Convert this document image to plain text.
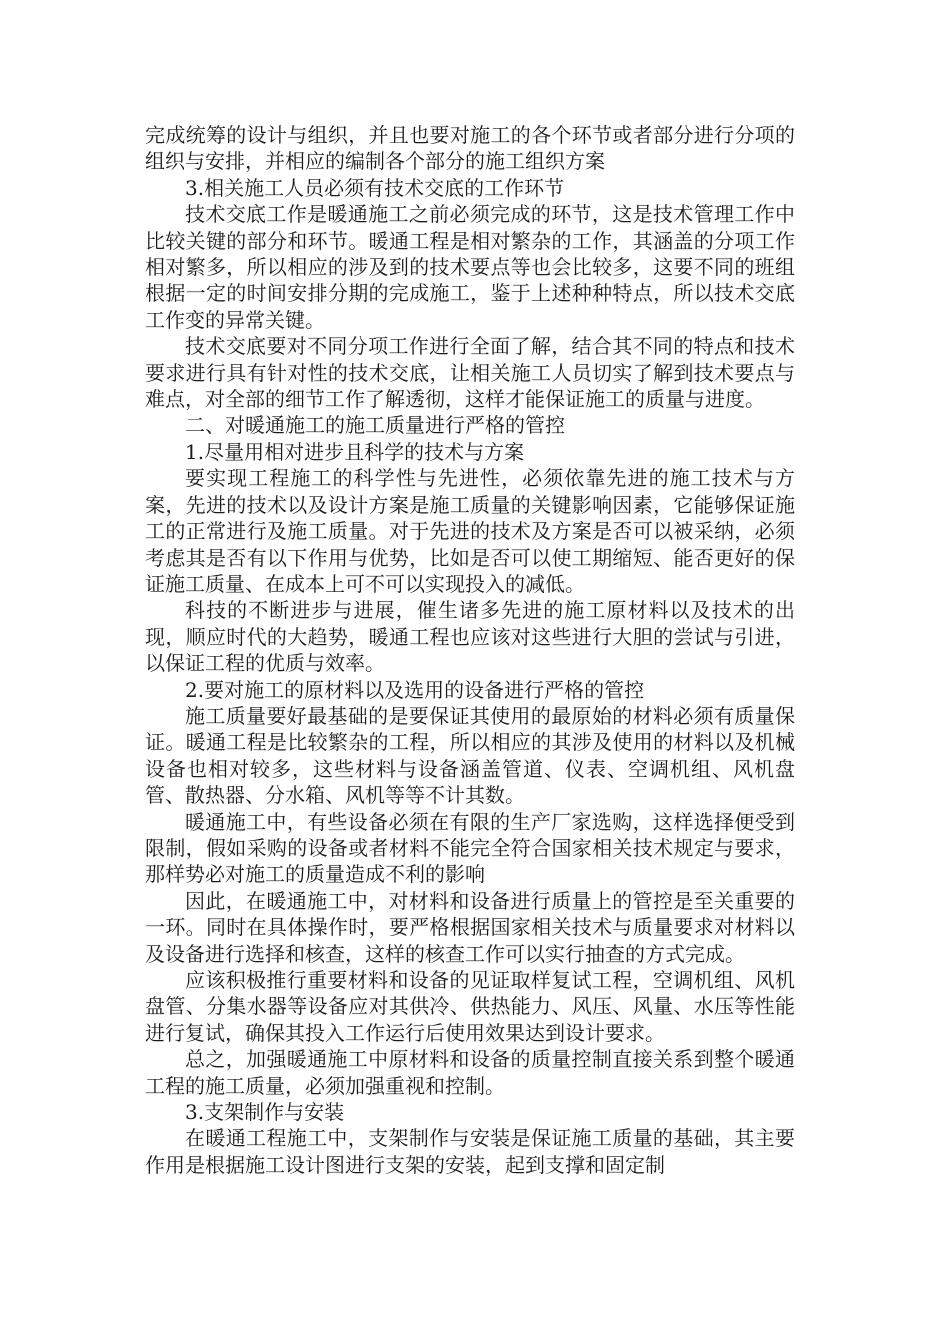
完成统筹的设计与组织，并且也要对施工的各个环节或者部分进行分项的组织与安排，并相应的编制各个部分的施工组织方案

3.相关施工人员必须有技术交底的工作环节

技术交底工作是暖通施工之前必须完成的环节，这是技术管理工作中比较关键的部分和环节。暖通工程是相对繁杂的工作，其涵盖的分项工作相对繁多，所以相应的涉及到的技术要点等也会比较多，这要不同的班组根据一定的时间安排分期的完成施工，鉴于上述种种特点，所以技术交底工作变的异常关键。

技术交底要对不同分项工作进行全面了解，结合其不同的特点和技术要求进行具有针对性的技术交底，让相关施工人员切实了解到技术要点与难点，对全部的细节工作了解透彻，这样才能保证施工的质量与进度。

二、对暖通施工的施工质量进行严格的管控

1.尽量用相对进步且科学的技术与方案

要实现工程施工的科学性与先进性，必须依靠先进的施工技术与方案，先进的技术以及设计方案是施工质量的关键影响因素，它能够保证施工的正常进行及施工质量。对于先进的技术及方案是否可以被采纳，必须考虑其是否有以下作用与优势，比如是否可以使工期缩短、能否更好的保证施工质量、在成本上可不可以实现投入的减低。

科技的不断进步与进展，催生诸多先进的施工原材料以及技术的出现，顺应时代的大趋势，暖通工程也应该对这些进行大胆的尝试与引进，以保证工程的优质与效率。

2.要对施工的原材料以及选用的设备进行严格的管控

施工质量要好最基础的是要保证其使用的最原始的材料必须有质量保证。暖通工程是比较繁杂的工程，所以相应的其涉及使用的材料以及机械设备也相对较多，这些材料与设备涵盖管道、仪表、空调机组、风机盘管、散热器、分水箱、风机等等不计其数。

暖通施工中，有些设备必须在有限的生产厂家选购，这样选择便受到限制，假如采购的设备或者材料不能完全符合国家相关技术规定与要求，那样势必对施工的质量造成不利的影响

因此，在暖通施工中，对材料和设备进行质量上的管控是至关重要的一环。同时在具体操作时，要严格根据国家相关技术与质量要求对材料以及设备进行选择和核查，这样的核查工作可以实行抽查的方式完成。

应该积极推行重要材料和设备的见证取样复试工程，空调机组、风机盘管、分集水器等设备应对其供冷、供热能力、风压、风量、水压等性能进行复试，确保其投入工作运行后使用效果达到设计要求。

总之，加强暖通施工中原材料和设备的质量控制直接关系到整个暖通工程的施工质量，必须加强重视和控制。

3.支架制作与安装

在暖通工程施工中，支架制作与安装是保证施工质量的基础，其主要作用是根据施工设计图进行支架的安装，起到支撑和固定制
